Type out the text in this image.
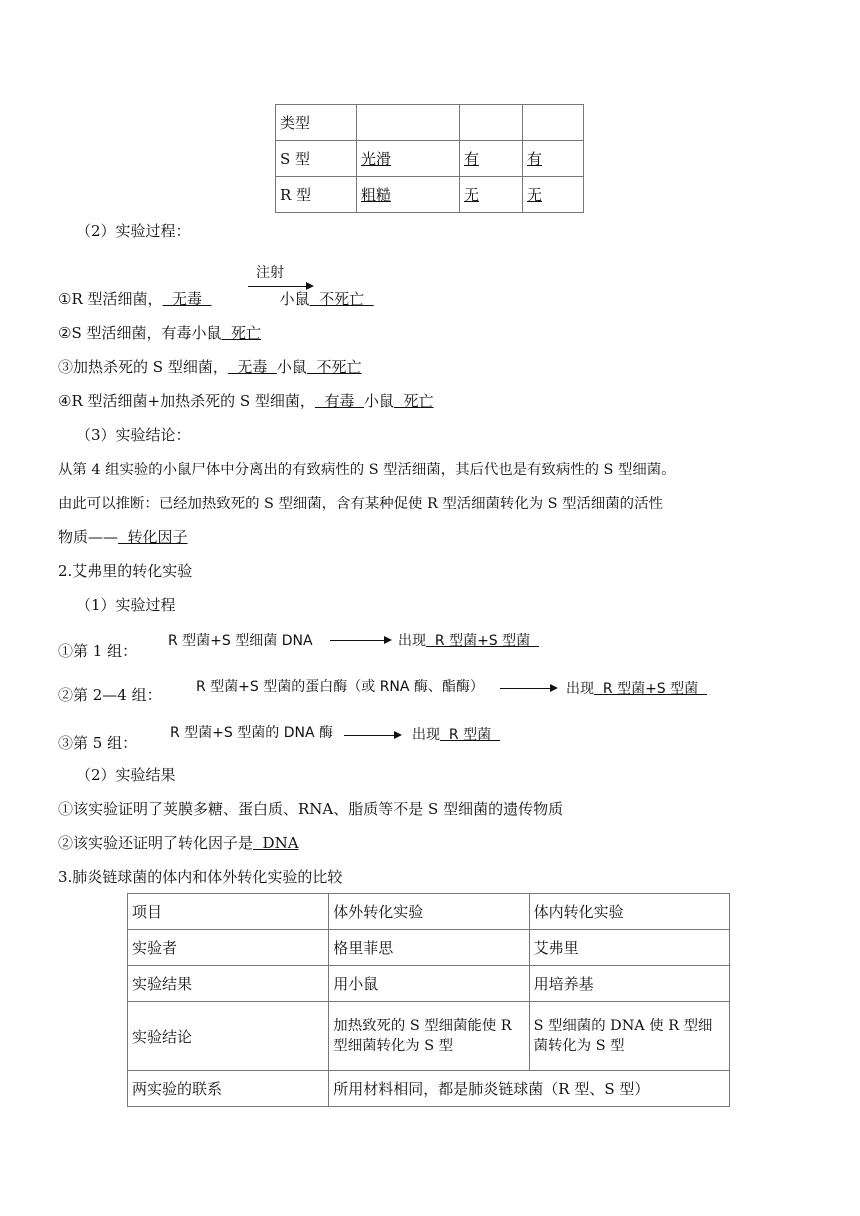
类型			
S 型	光滑	有	有
R 型	粗糙	无	无
（2）实验过程：
注射
①R 型活细菌，  无毒	小鼠  不死亡
②S 型活细菌，有毒小鼠  死亡
③加热杀死的 S 型细菌，  无毒  小鼠  不死亡
④R 型活细菌+加热杀死的 S 型细菌，  有毒  小鼠  死亡
（3）实验结论：
从第 4 组实验的小鼠尸体中分离出的有致病性的 S 型活细菌，其后代也是有致病性的 S 型细菌。
由此可以推断：已经加热致死的 S 型细菌，含有某种促使 R 型活细菌转化为 S 型活细菌的活性
物质——  转化因子
2.艾弗里的转化实验
（1）实验过程
①第 1 组：
R 型菌+S 型细菌 DNA	出现  R 型菌+S 型菌
②第 2—4 组： R 型菌+S 型菌的蛋白酶（或 RNA 酶、酯酶）	出现  R 型菌+S 型菌
③第 5 组：
R 型菌+S 型菌的 DNA 酶	出现  R 型菌
（2）实验结果
①该实验证明了荚膜多糖、蛋白质、RNA、脂质等不是 S 型细菌的遗传物质
②该实验还证明了转化因子是  DNA
3.肺炎链球菌的体内和体外转化实验的比较
项目	体外转化实验	体内转化实验
实验者	格里菲思	艾弗里
实验结果	用小鼠	用培养基
实验结论	加热致死的 S 型细菌能使 R 型细菌转化为 S 型	S 型细菌的 DNA 使 R 型细菌转化为 S 型
两实验的联系	所用材料相同，都是肺炎链球菌（R 型、S 型）	
